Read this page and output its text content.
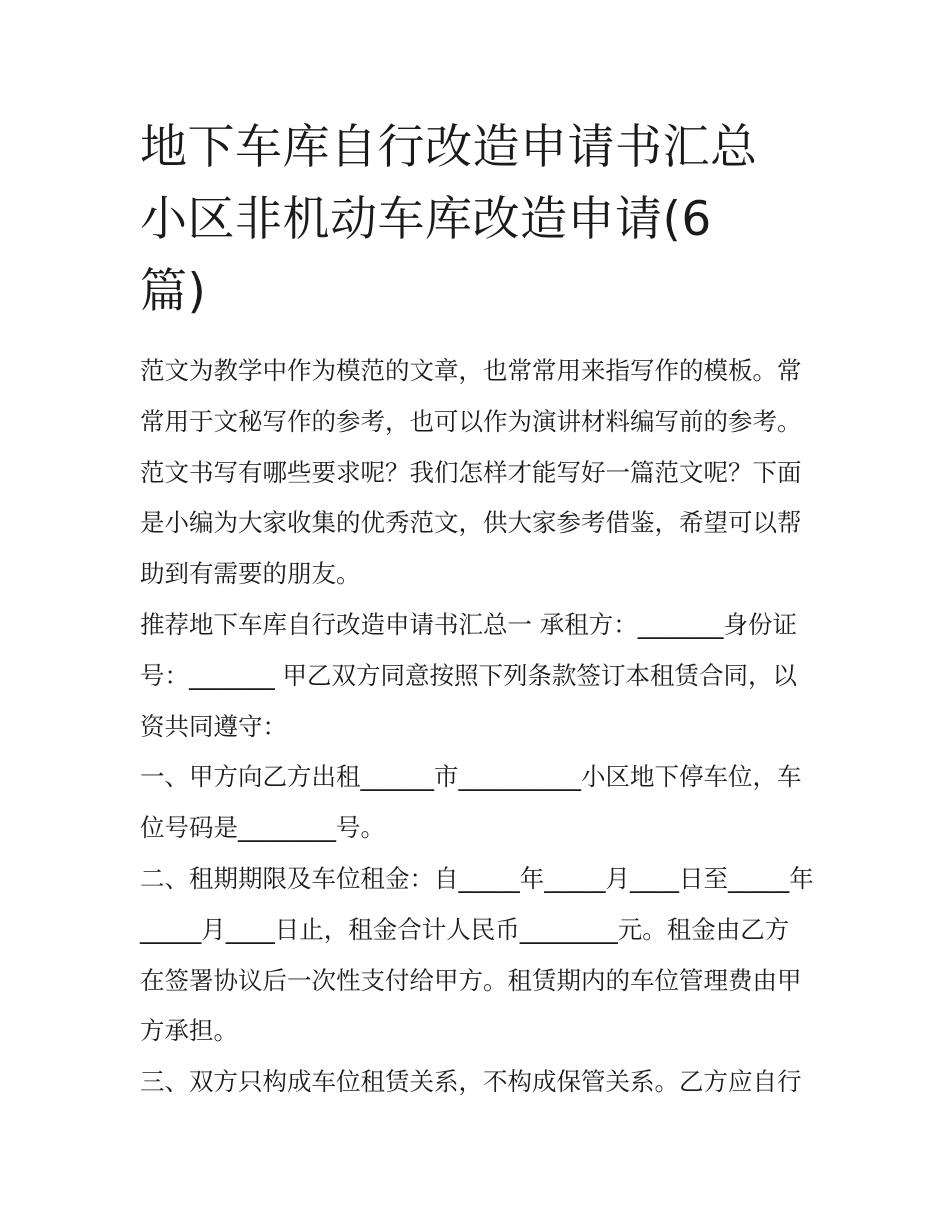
地下车库自行改造申请书汇总
小区非机动车库改造申请(6
篇)

范文为教学中作为模范的文章，也常常用来指写作的模板。常
常用于文秘写作的参考，也可以作为演讲材料编写前的参考。
范文书写有哪些要求呢？我们怎样才能写好一篇范文呢？下面
是小编为大家收集的优秀范文，供大家参考借鉴，希望可以帮
助到有需要的朋友。

推荐地下车库自行改造申请书汇总一 承租方：_______身份证
号：_______ 甲乙双方同意按照下列条款签订本租赁合同，以
资共同遵守：

一、甲方向乙方出租______市__________小区地下停车位，车
位号码是________号。

二、租期期限及车位租金：自_____年_____月____日至_____年
_____月____日止，租金合计人民币________元。租金由乙方
在签署协议后一次性支付给甲方。租赁期内的车位管理费由甲
方承担。

三、双方只构成车位租赁关系，不构成保管关系。乙方应自行
